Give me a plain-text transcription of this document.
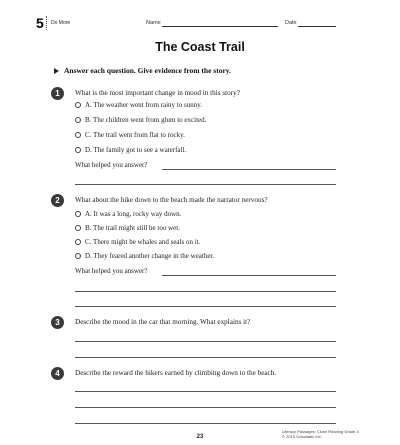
5 Do More	Name	Date
The Coast Trail
Answer each question. Give evidence from the story.
1	What is the most important change in mood in this story?
A. The weather went from rainy to sunny.
B. The children went from glum to excited.
C. The trail went from flat to rocky.
D. The family got to see a waterfall.
What helped you answer?
2	What about the hike down to the beach made the narrator nervous?
A. It was a long, rocky way down.
B. The trail might still be too wet.
C. There might be whales and seals on it.
D. They feared another change in the weather.
What helped you answer?
3	Describe the mood in the car that morning. What explains it?
4	Describe the reward the hikers earned by climbing down to the beach.
23
Literacy Passages: Close Reading Grade 3
© 2015 Scholastic Inc.
